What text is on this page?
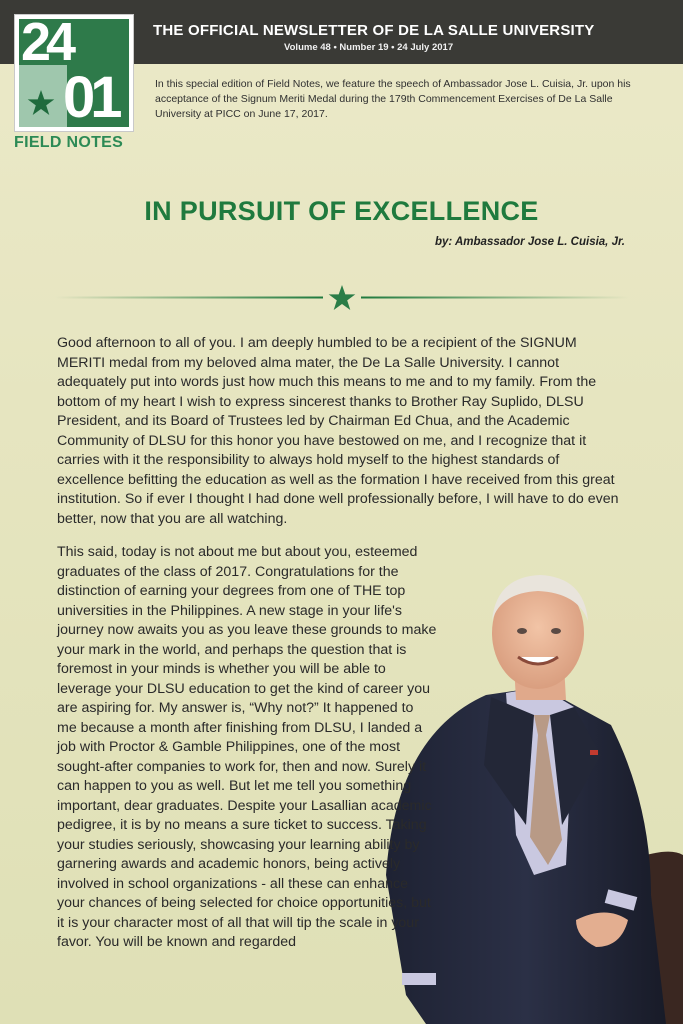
THE OFFICIAL NEWSLETTER OF DE LA SALLE UNIVERSITY
Volume 48 • Number 19 • 24 July 2017
24
01
FIELD NOTES
In this special edition of Field Notes, we feature the speech of Ambassador Jose L. Cuisia, Jr. upon his acceptance of the Signum Meriti Medal during the 179th Commencement Exercises of De La Salle University at PICC on June 17, 2017.
IN PURSUIT OF EXCELLENCE
by: Ambassador Jose L. Cuisia, Jr.
Good afternoon to all of you. I am deeply humbled to be a recipient of the SIGNUM MERITI medal from my beloved alma mater, the De La Salle University. I cannot adequately put into words just how much this means to me and to my family. From the bottom of my heart I wish to express sincerest thanks to Brother Ray Suplido, DLSU President, and its Board of Trustees led by Chairman Ed Chua, and the Academic Community of DLSU for this honor you have bestowed on me, and I recognize that it carries with it the responsibility to always hold myself to the highest standards of excellence befitting the education as well as the formation I have received from this great institution. So if ever I thought I had done well professionally before, I will have to do even better, now that you are all watching.
This said, today is not about me but about you, esteemed graduates of the class of 2017. Congratulations for the distinction of earning your degrees from one of THE top universities in the Philippines. A new stage in your life's journey now awaits you as you leave these grounds to make your mark in the world, and perhaps the question that is foremost in your minds is whether you will be able to leverage your DLSU education to get the kind of career you are aspiring for. My answer is, “Why not?” It happened to me because a month after finishing from DLSU, I landed a job with Proctor & Gamble Philippines, one of the most sought-after companies to work for, then and now. Surely it can happen to you as well. But let me tell you something important, dear graduates. Despite your Lasallian academic pedigree, it is by no means a sure ticket to success. Taking your studies seriously, showcasing your learning ability by garnering awards and academic honors, being actively involved in school organizations - all these can enhance your chances of being selected for choice opportunities, but it is your character most of all that will tip the scale in your favor. You will be known and regarded
